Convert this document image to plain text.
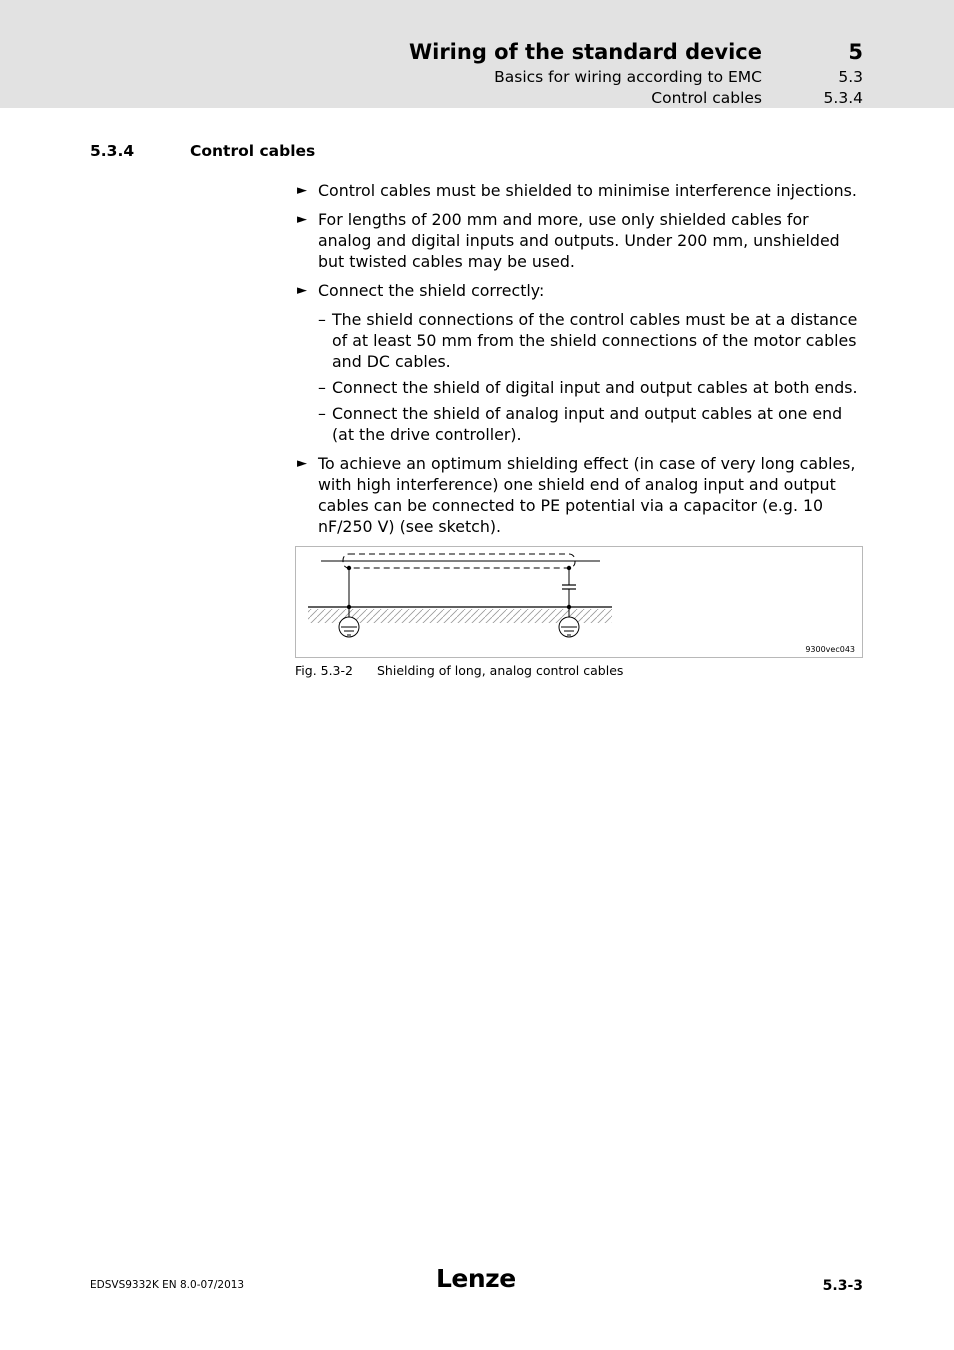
Wiring of the standard device	5
Basics for wiring according to EMC	5.3
Control cables	5.3.4
5.3.4	Control cables
► Control cables must be shielded to minimise interference injections.
► For lengths of 200 mm and more, use only shielded cables for analog and digital inputs and outputs. Under 200 mm, unshielded but twisted cables may be used.
► Connect the shield correctly:
– The shield connections of the control cables must be at a distance of at least 50 mm from the shield connections of the motor cables and DC cables.
– Connect the shield of digital input and output cables at both ends.
– Connect the shield of analog input and output cables at one end (at the drive controller).
► To achieve an optimum shielding effect (in case of very long cables, with high interference) one shield end of analog input and output cables can be connected to PE potential via a capacitor (e.g. 10 nF/250 V) (see sketch).
9300vec043
Fig. 5.3-2 Shielding of long, analog control cables
EDSVS9332K EN 8.0-07/2013	Lenze	5.3-3
